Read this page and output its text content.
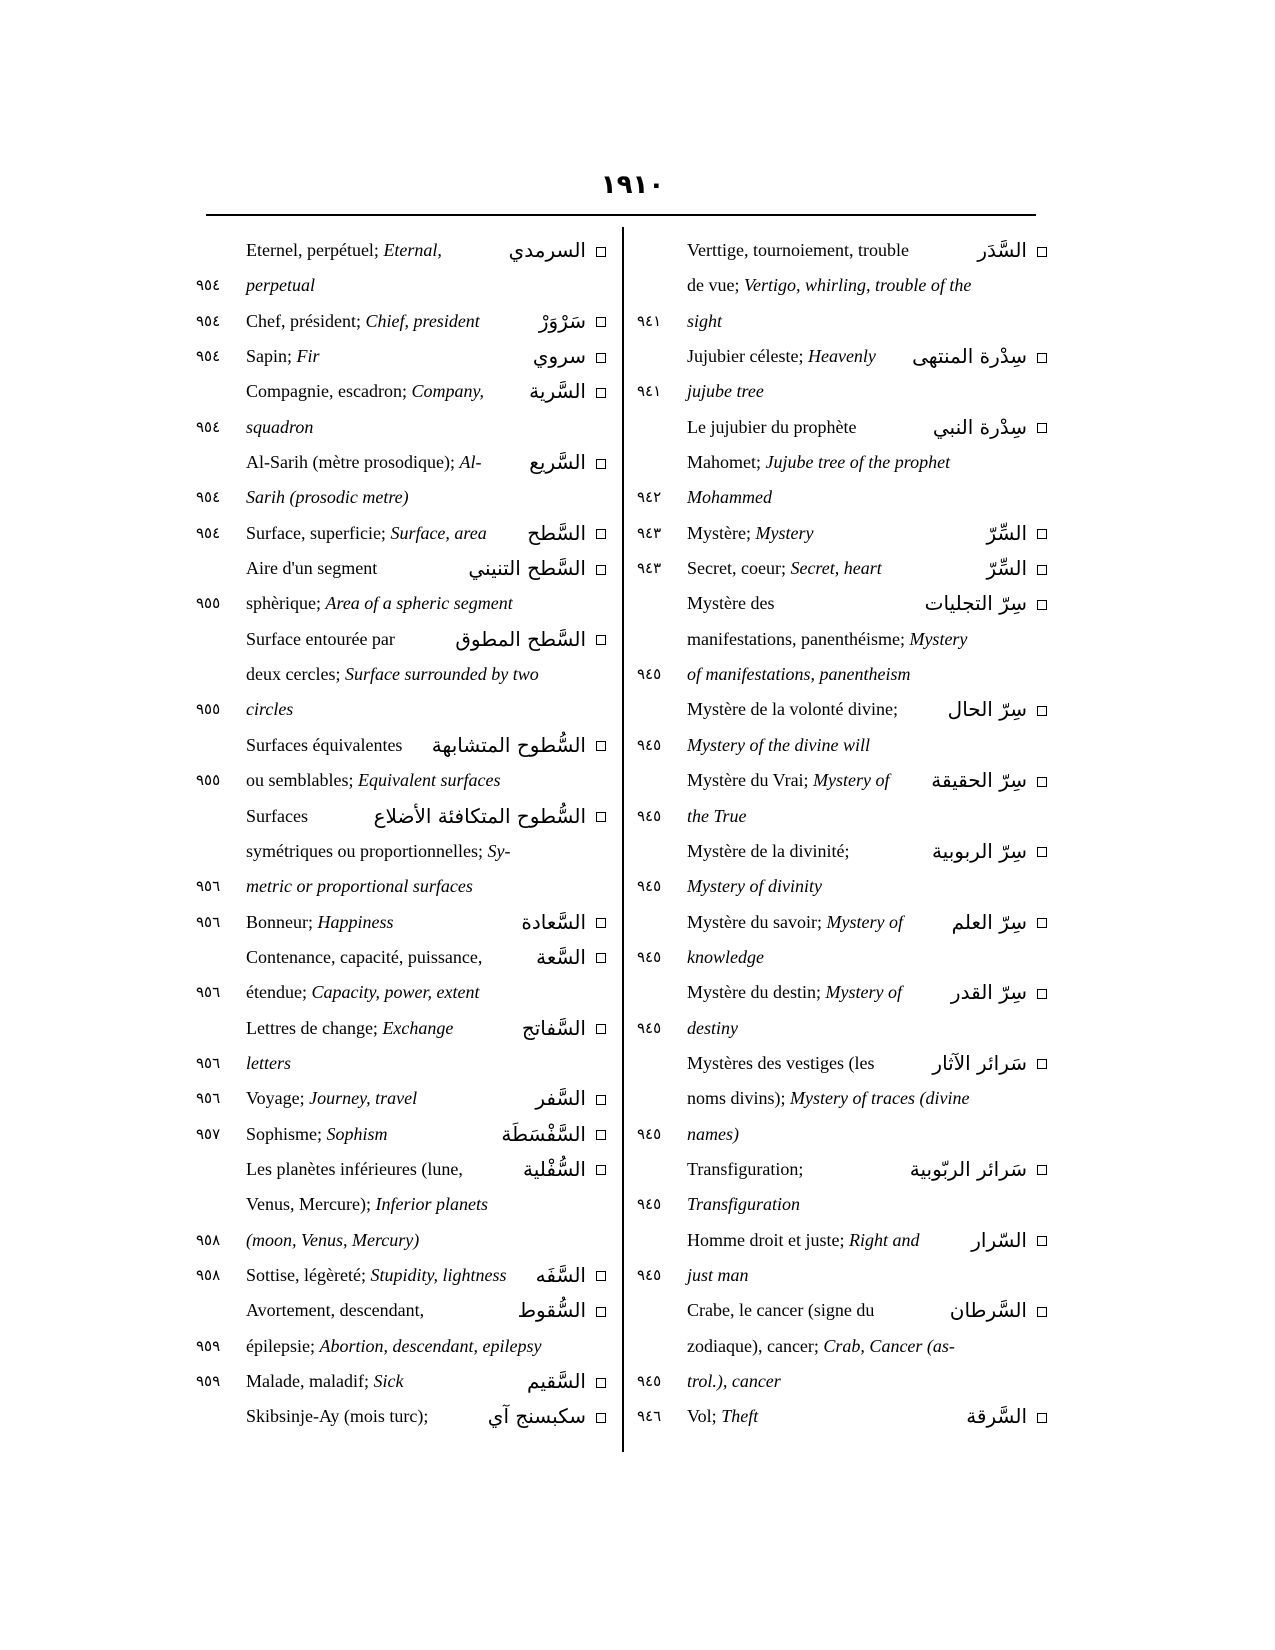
١٩١٠
Eternel, perpétuel; Eternal,	السرمدي
٩٥٤	perpetual
٩٥٤	Chef, président; Chief, president	سَرْوَرْ
٩٥٤	Sapin; Fir	سروي
Compagnie, escadron; Company, السَّرية
٩٥٤	squadron
Al-Sarih (mètre prosodique); Al- السَّريع
٩٥٤	Sarih (prosodic metre)
٩٥٤	Surface, superficie; Surface, area السَّطح
Aire d'un segment	السَّطح التنيني
٩٥٥	sphèrique; Area of a spheric segment
Surface entourée par	السَّطح المطوق
deux cercles; Surface surrounded by two
٩٥٥	circles
Surfaces équivalentes السُّطوح المتشابهة
٩٥٥	ou semblables; Equivalent surfaces
Surfaces	السُّطوح المتكافئة الأضلاع
symétriques ou proportionnelles; Sy-
٩٥٦	metric or proportional surfaces
٩٥٦	Bonneur; Happiness	السَّعادة
Contenance, capacité, puissance,	السَّعة
٩٥٦	étendue; Capacity, power, extent
Lettres de change; Exchange	السَّفاتج
٩٥٦	letters
٩٥٦	Voyage; Journey, travel	السَّفر
٩٥٧	Sophisme; Sophism	السَّفْسَطَة
Les planètes inférieures (lune,	السُّفْلية
Venus, Mercure); Inferior planets
٩٥٨	(moon, Venus, Mercury)
٩٥٨	Sottise, légèreté; Stupidity, lightness السَّفَه
Avortement, descendant,	السُّقوط
٩٥٩	épilepsie; Abortion, descendant, epilepsy
٩٥٩	Malade, maladif; Sick	السَّقيم
Skibsinje-Ay (mois turc);	سكبسنج آي
Verttige, tournoiement, trouble	السَّدَر
de vue; Vertigo, whirling, trouble of the
٩٤١	sight
Jujubier céleste; Heavenly سِدْرة المنتهى
٩٤١	jujube tree
Le jujubier du prophète	سِدْرة النبي
Mahomet; Jujube tree of the prophet
٩٤٢	Mohammed
٩٤٣	Mystère; Mystery	السِّرّ
٩٤٣	Secret, coeur; Secret, heart	السِّرّ
Mystère des	سِرّ التجليات
manifestations, panenthéisme; Mystery
٩٤٥	of manifestations, panentheism
Mystère de la volonté divine; سِرّ الحال
٩٤٥	Mystery of the divine will
Mystère du Vrai; Mystery of سِرّ الحقيقة
٩٤٥	the True
Mystère de la divinité;	سِرّ الربوبية
٩٤٥	Mystery of divinity
Mystère du savoir; Mystery of سِرّ العلم
٩٤٥	knowledge
Mystère du destin; Mystery of سِرّ القدر
٩٤٥	destiny
Mystères des vestiges (les	سَرائر الآثار
noms divins); Mystery of traces (divine
٩٤٥	names)
Transfiguration;	سَرائر الربّوبية
٩٤٥	Transfiguration
Homme droit et juste; Right and	السّرار
٩٤٥	just man
Crabe, le cancer (signe du	السَّرطان
zodiaque), cancer; Crab, Cancer (as-
٩٤٥	trol.), cancer
٩٤٦	Vol; Theft	السَّرقة
